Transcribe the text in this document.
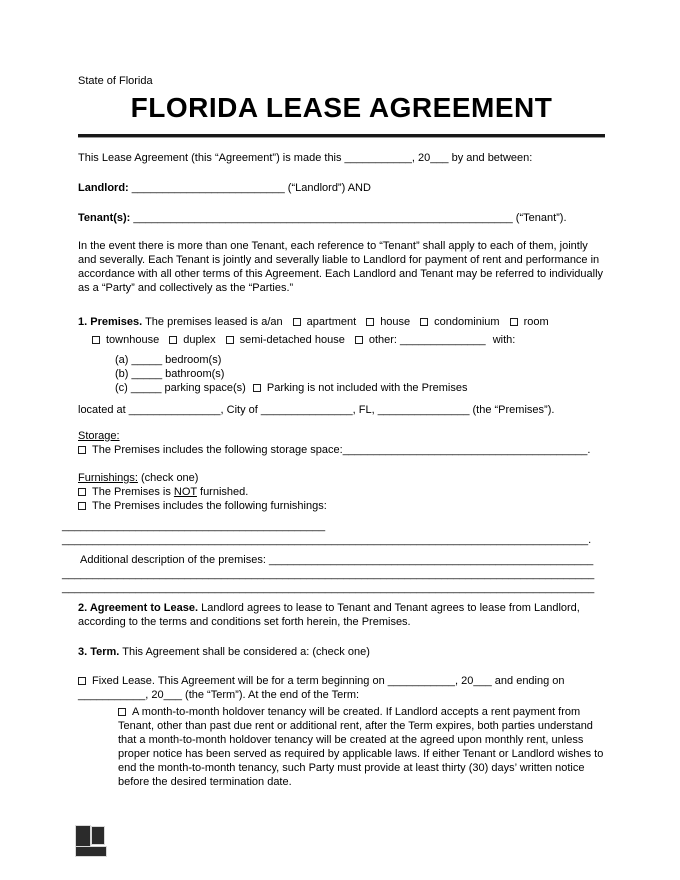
State of Florida
FLORIDA LEASE AGREEMENT
This Lease Agreement (this “Agreement”) is made this ___________, 20___ by and between:
Landlord: _________________________ (“Landlord”) AND
Tenant(s): ______________________________________________________________ (“Tenant”).
In the event there is more than one Tenant, each reference to “Tenant” shall apply to each of them, jointly and severally. Each Tenant is jointly and severally liable to Landlord for payment of rent and performance in accordance with all other terms of this Agreement. Each Landlord and Tenant may be referred to individually as a “Party” and collectively as the “Parties.”
1. Premises. The premises leased is a/an apartment house condominium room
townhouse duplex semi-detached house other: ______________ with:
(a) _____ bedroom(s)
(b) _____ bathroom(s)
(c) _____ parking space(s) Parking is not included with the Premises
located at _______________, City of _______________, FL, _______________ (the “Premises”).
Storage:
The Premises includes the following storage space:________________________________________.
Furnishings: (check one)
The Premises is NOT furnished.
The Premises includes the following furnishings:
___________________________________________
______________________________________________________________________________________.
Additional description of the premises: _____________________________________________________
_______________________________________________________________________________________
_______________________________________________________________________________________
2. Agreement to Lease. Landlord agrees to lease to Tenant and Tenant agrees to lease from Landlord, according to the terms and conditions set forth herein, the Premises.
3. Term. This Agreement shall be considered a: (check one)
Fixed Lease. This Agreement will be for a term beginning on ___________, 20___ and ending on ___________, 20___ (the “Term”). At the end of the Term:
A month-to-month holdover tenancy will be created. If Landlord accepts a rent payment from Tenant, other than past due rent or additional rent, after the Term expires, both parties understand that a month-to-month holdover tenancy will be created at the agreed upon monthly rent, unless proper notice has been served as required by applicable laws. If either Tenant or Landlord wishes to end the month-to-month tenancy, such Party must provide at least thirty (30) days’ written notice before the desired termination date.
